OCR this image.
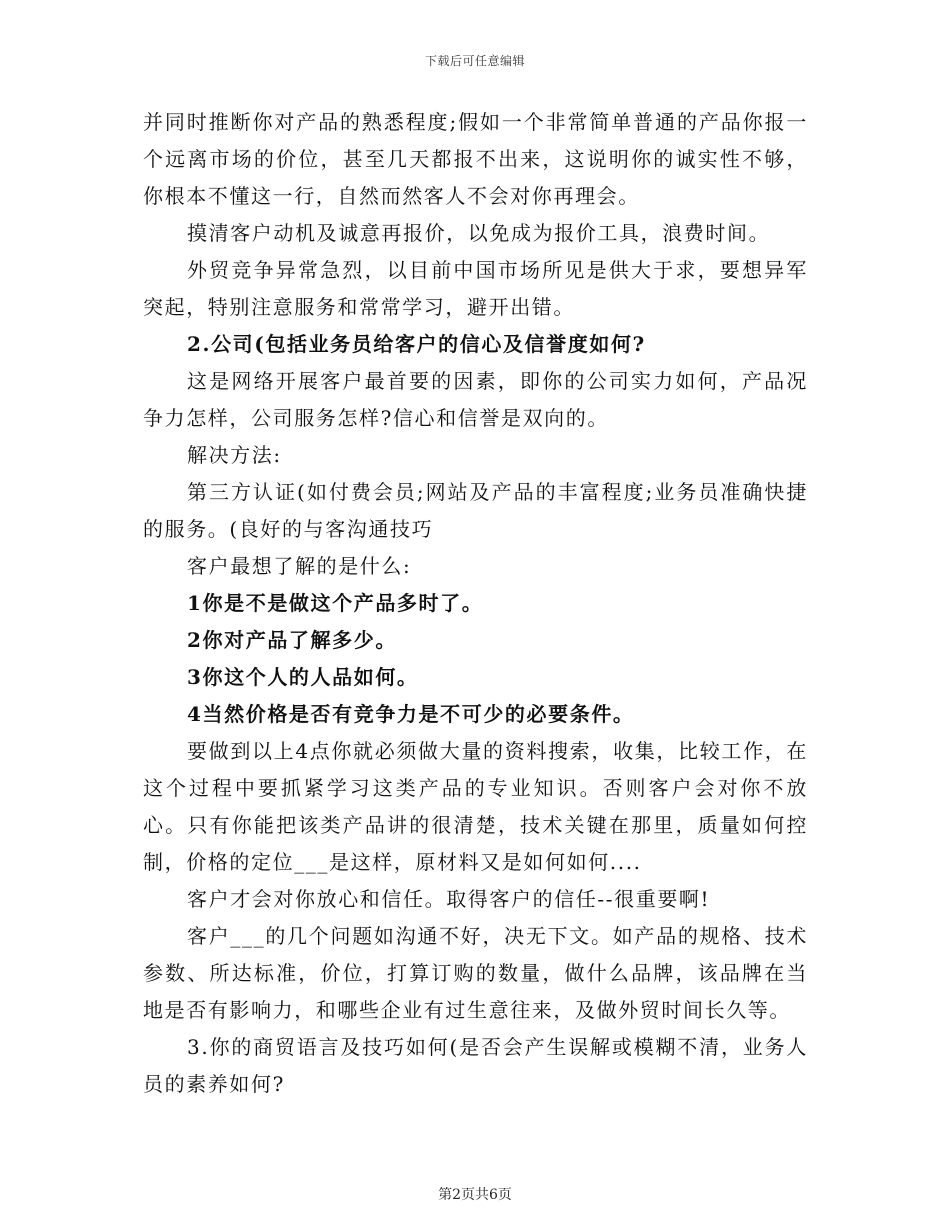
下载后可任意编辑

并同时推断你对产品的熟悉程度;假如一个非常简单普通的产品你报一个远离市场的价位，甚至几天都报不出来，这说明你的诚实性不够，你根本不懂这一行，自然而然客人不会对你再理会。

摸清客户动机及诚意再报价，以免成为报价工具，浪费时间。

外贸竞争异常急烈，以目前中国市场所见是供大于求，要想异军突起，特别注意服务和常常学习，避开出错。

2.公司(包括业务员给客户的信心及信誉度如何?

这是网络开展客户最首要的因素，即你的公司实力如何，产品况争力怎样，公司服务怎样?信心和信誉是双向的。

解决方法:

第三方认证(如付费会员;网站及产品的丰富程度;业务员准确快捷的服务。(良好的与客沟通技巧

客户最想了解的是什么:

1你是不是做这个产品多时了。

2你对产品了解多少。

3你这个人的人品如何。

4当然价格是否有竞争力是不可少的必要条件。

要做到以上4点你就必须做大量的资料搜索，收集，比较工作，在这个过程中要抓紧学习这类产品的专业知识。否则客户会对你不放心。只有你能把该类产品讲的很清楚，技术关键在那里，质量如何控制，价格的定位___是这样，原材料又是如何如何....

客户才会对你放心和信任。取得客户的信任--很重要啊!

客户___的几个问题如沟通不好，决无下文。如产品的规格、技术参数、所达标准，价位，打算订购的数量，做什么品牌，该品牌在当地是否有影响力，和哪些企业有过生意往来，及做外贸时间长久等。

3.你的商贸语言及技巧如何(是否会产生误解或模糊不清，业务人员的素养如何?

第2页共6页
